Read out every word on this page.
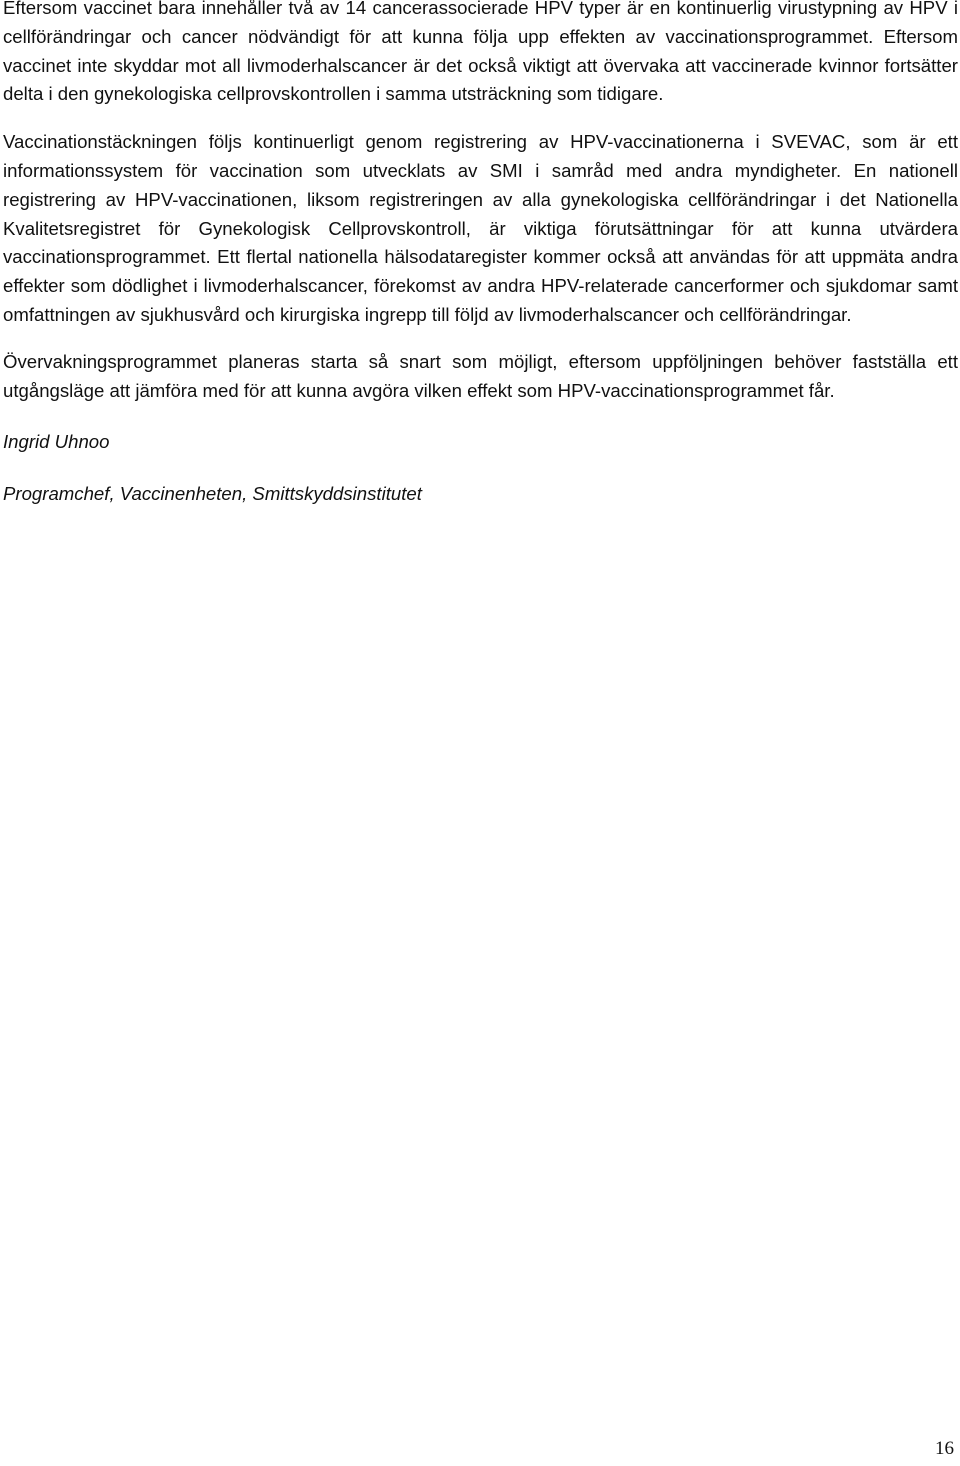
Eftersom vaccinet bara innehåller två av 14 cancerassocierade HPV typer är en kontinuerlig virustypning av HPV i cellförändringar och cancer nödvändigt för att kunna följa upp effekten av vaccinationsprogrammet. Eftersom vaccinet inte skyddar mot all livmoderhalscancer är det också viktigt att övervaka att vaccinerade kvinnor fortsätter delta i den gynekologiska cellprovskontrollen i samma utsträckning som tidigare.

Vaccinationstäckningen följs kontinuerligt genom registrering av HPV-vaccinationerna i SVEVAC, som är ett informationssystem för vaccination som utvecklats av SMI i samråd med andra myndigheter. En nationell registrering av HPV-vaccinationen, liksom registreringen av alla gynekologiska cellförändringar i det Nationella Kvalitetsregistret för Gynekologisk Cellprovskontroll, är viktiga förutsättningar för att kunna utvärdera vaccinationsprogrammet. Ett flertal nationella hälsodataregister kommer också att användas för att uppmäta andra effekter som dödlighet i livmoderhalscancer, förekomst av andra HPV-relaterade cancerformer och sjukdomar samt omfattningen av sjukhusvård och kirurgiska ingrepp till följd av livmoderhalscancer och cellförändringar.

Övervakningsprogrammet planeras starta så snart som möjligt, eftersom uppföljningen behöver fastställa ett utgångsläge att jämföra med för att kunna avgöra vilken effekt som HPV-vaccinationsprogrammet får.

Ingrid Uhnoo

Programchef, Vaccinenheten, Smittskyddsinstitutet

16
